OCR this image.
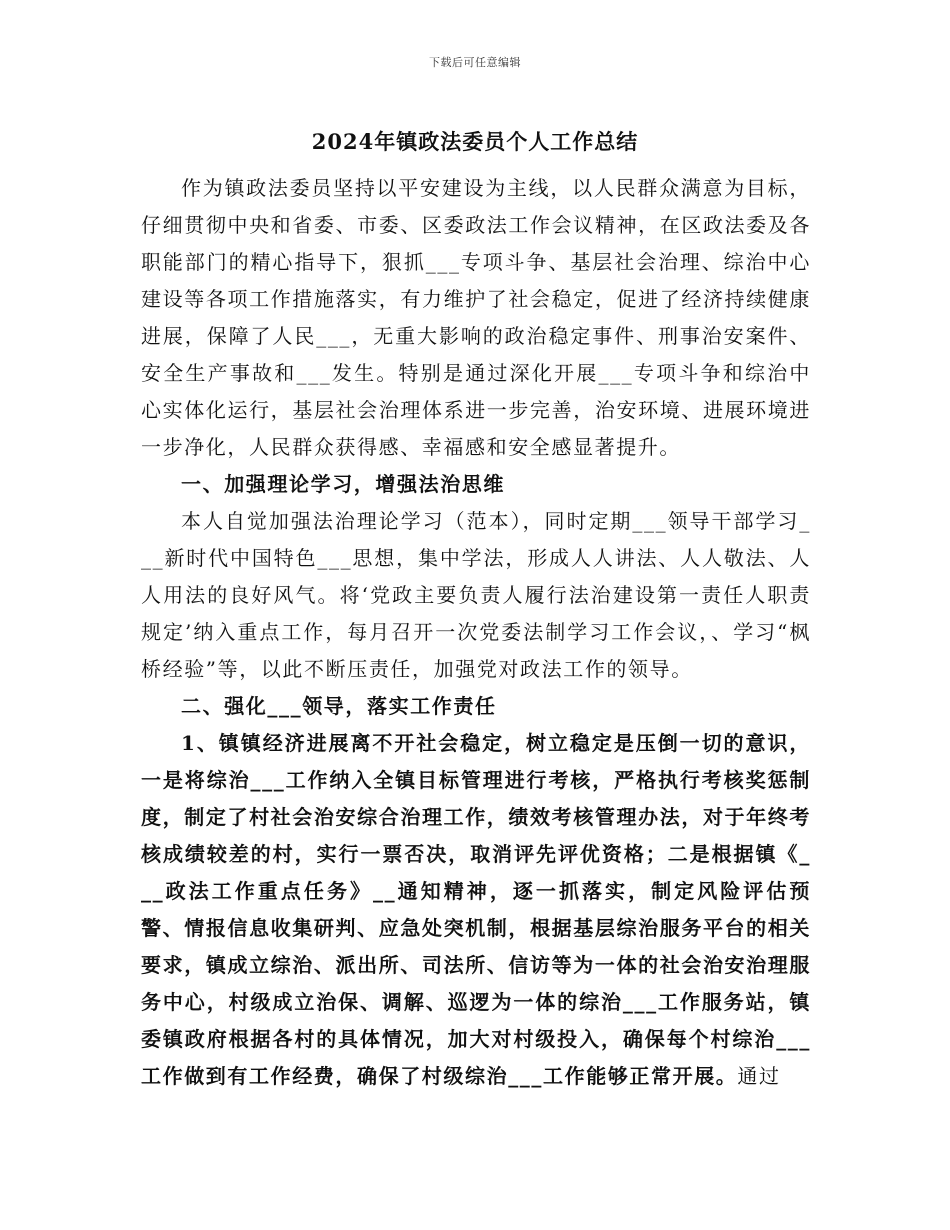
下载后可任意编辑
2024年镇政法委员个人工作总结

作为镇政法委员坚持以平安建设为主线，以人民群众满意为目标，仔细贯彻中央和省委、市委、区委政法工作会议精神，在区政法委及各职能部门的精心指导下，狠抓___专项斗争、基层社会治理、综治中心建设等各项工作措施落实，有力维护了社会稳定，促进了经济持续健康进展，保障了人民___，无重大影响的政治稳定事件、刑事治安案件、安全生产事故和___发生。特别是通过深化开展___专项斗争和综治中心实体化运行，基层社会治理体系进一步完善，治安环境、进展环境进一步净化，人民群众获得感、幸福感和安全感显著提升。

一、加强理论学习，增强法治思维

本人自觉加强法治理论学习（范本），同时定期___领导干部学习___新时代中国特色___思想，集中学法，形成人人讲法、人人敬法、人人用法的良好风气。将‘党政主要负责人履行法治建设第一责任人职责规定’纳入重点工作，每月召开一次党委法制学习工作会议，、学习“枫桥经验”等，以此不断压责任，加强党对政法工作的领导。

二、强化___领导，落实工作责任

1、镇镇经济进展离不开社会稳定，树立稳定是压倒一切的意识，一是将综治___工作纳入全镇目标管理进行考核，严格执行考核奖惩制度，制定了村社会治安综合治理工作，绩效考核管理办法，对于年终考核成绩较差的村，实行一票否决，取消评先评优资格；二是根据镇《___政法工作重点任务》__通知精神，逐一抓落实，制定风险评估预警、情报信息收集研判、应急处突机制，根据基层综治服务平台的相关要求，镇成立综治、派出所、司法所、信访等为一体的社会治安治理服务中心，村级成立治保、调解、巡逻为一体的综治___工作服务站，镇委镇政府根据各村的具体情况，加大对村级投入，确保每个村综治___工作做到有工作经费，确保了村级综治___工作能够正常开展。通过
